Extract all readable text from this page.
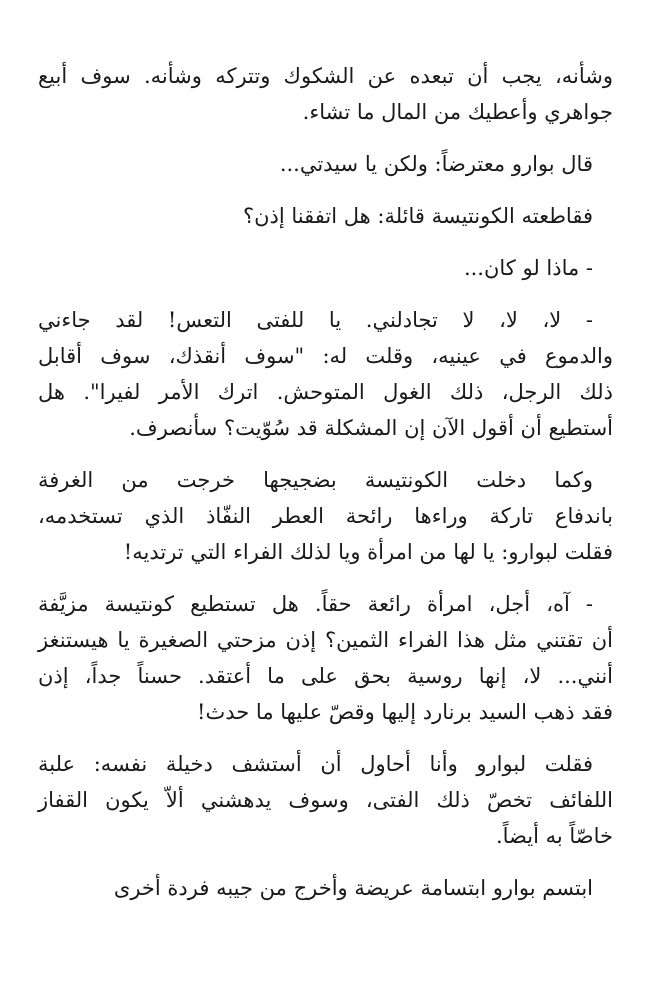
وشأنه، يجب أن تبعده عن الشكوك وتتركه وشأنه. سوف أبيع
جواهري وأعطيك من المال ما تشاء.

قال بوارو معترضاً: ولكن يا سيدتي...

فقاطعته الكونتيسة قائلة: هل اتفقنا إذن؟

- ماذا لو كان...

- لا، لا، لا تجادلني. يا للفتى التعس! لقد جاءني
والدموع في عينيه، وقلت له: "سوف أنقذك، سوف أقابل
ذلك الرجل، ذلك الغول المتوحش. اترك الأمر لفيرا". هل
أستطيع أن أقول الآن إن المشكلة قد سُوّيت؟ سأنصرف.

وكما دخلت الكونتيسة بضجيجها خرجت من الغرفة
باندفاع تاركة وراءها رائحة العطر النفّاذ الذي تستخدمه،
فقلت لبوارو: يا لها من امرأة ويا لذلك الفراء التي ترتديه!

- آه، أجل، امرأة رائعة حقاً. هل تستطيع كونتيسة مزيَّفة
أن تقتني مثل هذا الفراء الثمين؟ إذن مزحتي الصغيرة يا هيستنغز
أنني... لا، إنها روسية بحق على ما أعتقد. حسناً جداً، إذن
فقد ذهب السيد برنارد إليها وقصّ عليها ما حدث!

فقلت لبوارو وأنا أحاول أن أستشف دخيلة نفسه: علبة
اللفائف تخصّ ذلك الفتى، وسوف يدهشني ألاّ يكون القفاز
خاصّاً به أيضاً.

ابتسم بوارو ابتسامة عريضة وأخرج من جيبه فردة أخرى
